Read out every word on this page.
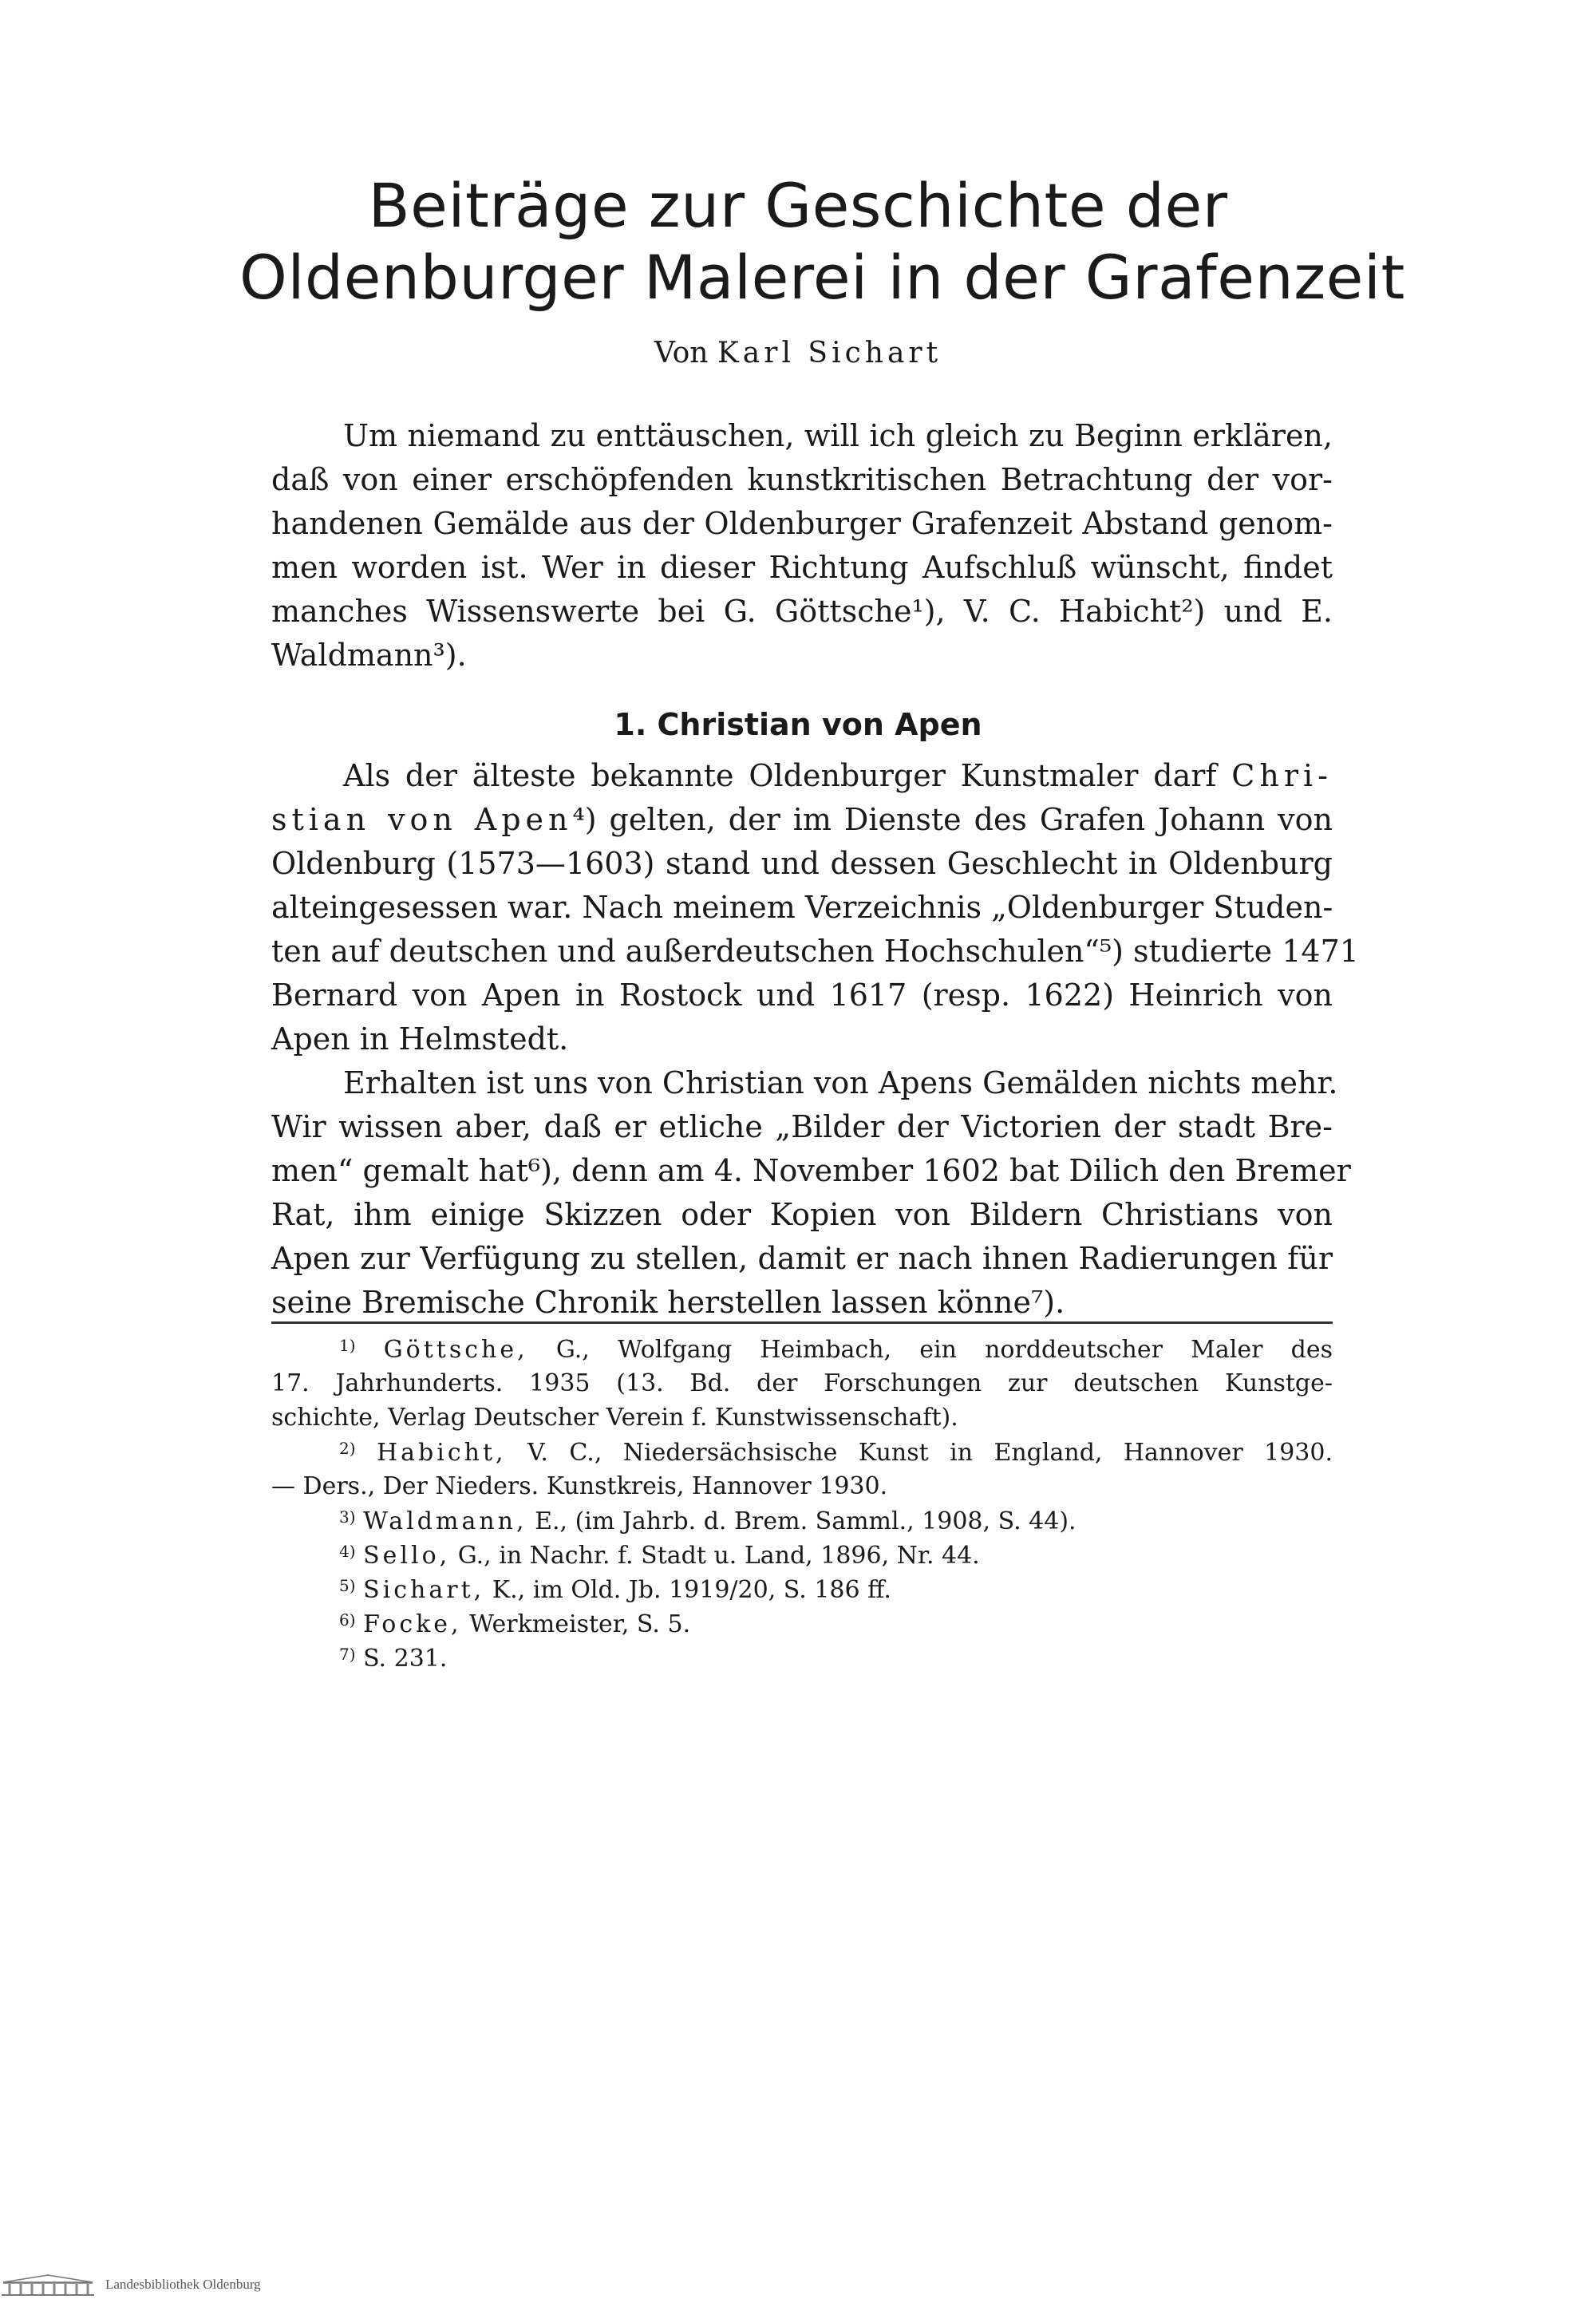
Beiträge zur Geschichte der
Oldenburger Malerei in der Grafenzeit
Von Karl Sichart
Um niemand zu enttäuschen, will ich gleich zu Beginn erklären,
daß von einer erschöpfenden kunstkritischen Betrachtung der vor-
handenen Gemälde aus der Oldenburger Grafenzeit Abstand genom-
men worden ist. Wer in dieser Richtung Aufschluß wünscht, findet
manches Wissenswerte bei G. Göttsche¹), V. C. Habicht²) und E.
Waldmann³).
1. Christian von Apen
Als der älteste bekannte Oldenburger Kunstmaler darf Chri-
stian von Apen⁴) gelten, der im Dienste des Grafen Johann von
Oldenburg (1573—1603) stand und dessen Geschlecht in Oldenburg
alteingesessen war. Nach meinem Verzeichnis „Oldenburger Studen-
ten auf deutschen und außerdeutschen Hochschulen“⁵) studierte 1471
Bernard von Apen in Rostock und 1617 (resp. 1622) Heinrich von
Apen in Helmstedt.
Erhalten ist uns von Christian von Apens Gemälden nichts mehr.
Wir wissen aber, daß er etliche „Bilder der Victorien der stadt Bre-
men“ gemalt hat⁶), denn am 4. November 1602 bat Dilich den Bremer
Rat, ihm einige Skizzen oder Kopien von Bildern Christians von
Apen zur Verfügung zu stellen, damit er nach ihnen Radierungen für
seine Bremische Chronik herstellen lassen könne⁷).
$^{1)}$ Göttsche, G., Wolfgang Heimbach, ein norddeutscher Maler des
17. Jahrhunderts. 1935 (13. Bd. der Forschungen zur deutschen Kunstge-
schichte, Verlag Deutscher Verein f. Kunstwissenschaft).
$^{2)}$ Habicht, V. C., Niedersächsische Kunst in England, Hannover 1930.
— Ders., Der Nieders. Kunstkreis, Hannover 1930.
$^{3)}$ Waldmann, E., (im Jahrb. d. Brem. Samml., 1908, S. 44).
$^{4)}$ Sello, G., in Nachr. f. Stadt u. Land, 1896, Nr. 44.
$^{5)}$ Sichart, K., im Old. Jb. 1919/20, S. 186 ff.
$^{6)}$ Focke, Werkmeister, S. 5.
$^{7)}$ S. 231.
Landesbibliothek Oldenburg
